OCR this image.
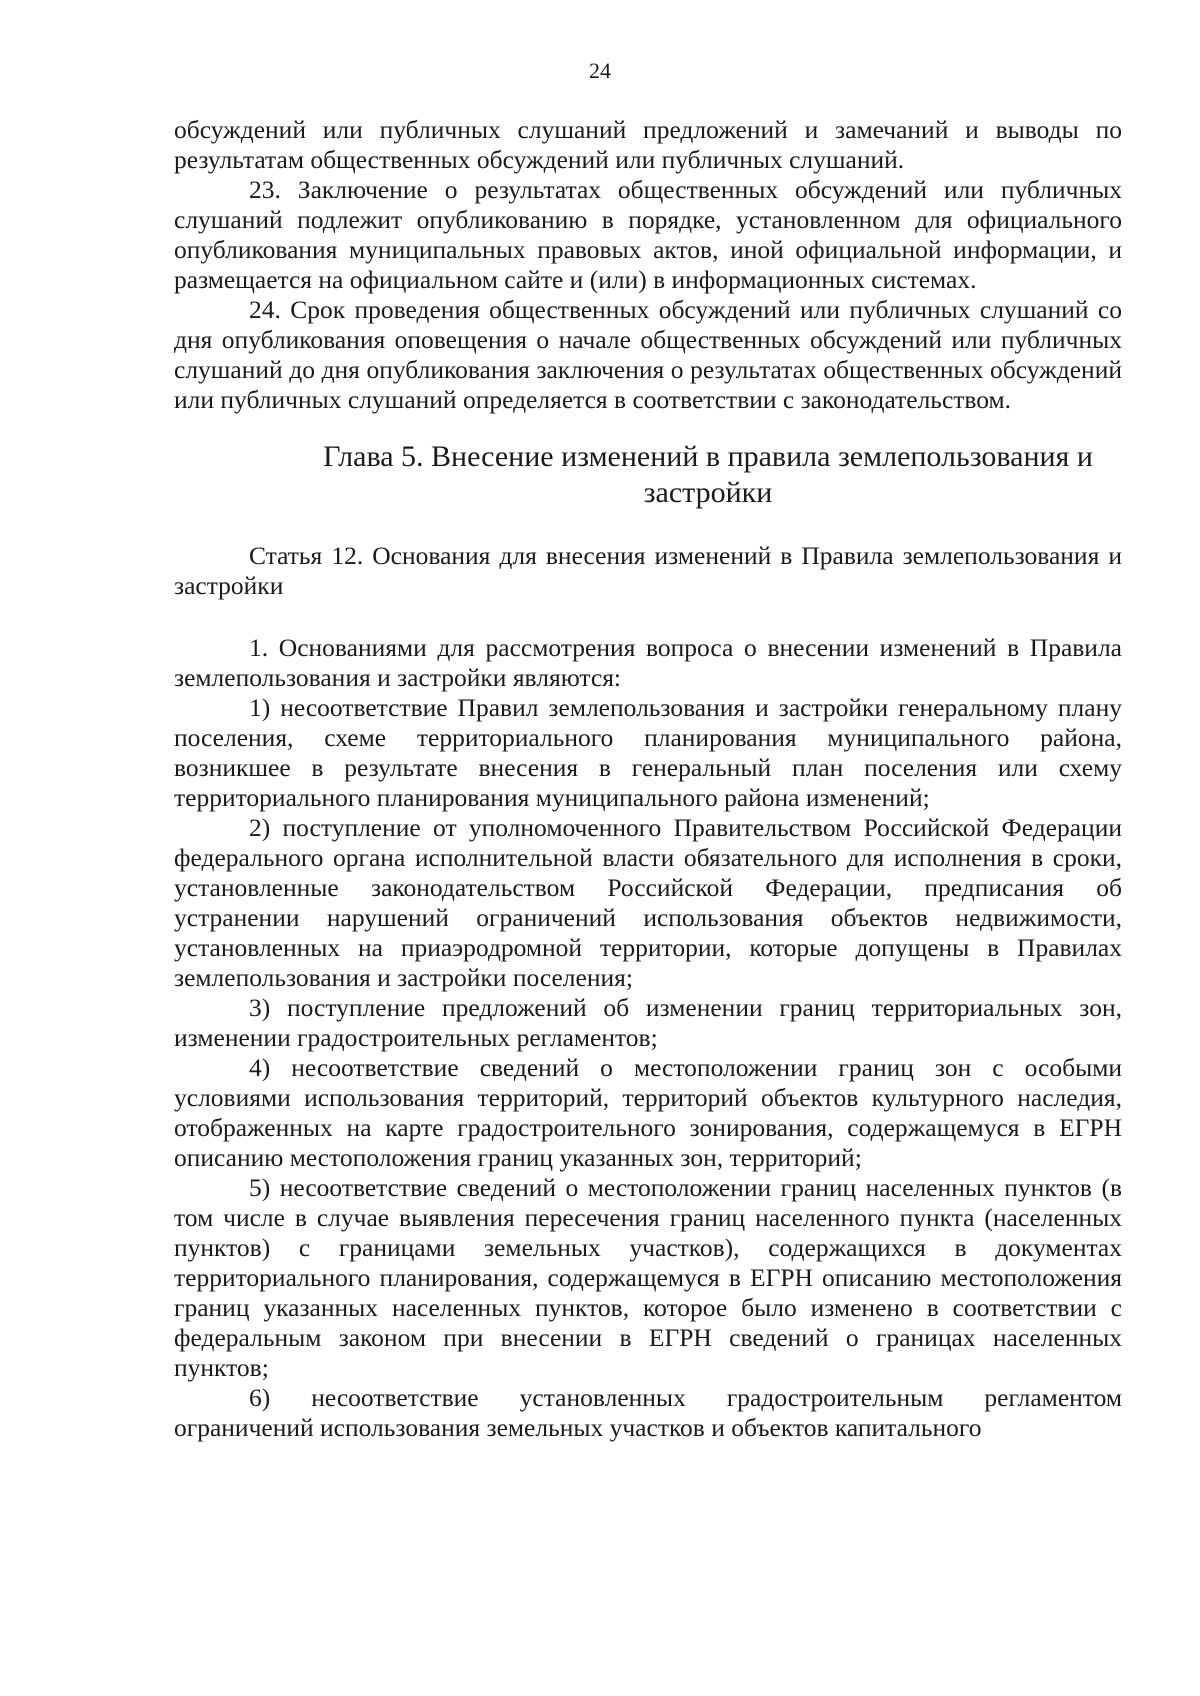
24

обсуждений или публичных слушаний предложений и замечаний и выводы по результатам общественных обсуждений или публичных слушаний.

23. Заключение о результатах общественных обсуждений или публичных слушаний подлежит опубликованию в порядке, установленном для официального опубликования муниципальных правовых актов, иной официальной информации, и размещается на официальном сайте и (или) в информационных системах.

24. Срок проведения общественных обсуждений или публичных слушаний со дня опубликования оповещения о начале общественных обсуждений или публичных слушаний до дня опубликования заключения о результатах общественных обсуждений или публичных слушаний определяется в соответствии с законодательством.

Глава 5. Внесение изменений в правила землепользования и застройки

Статья 12. Основания для внесения изменений в Правила землепользования и застройки

1. Основаниями для рассмотрения вопроса о внесении изменений в Правила землепользования и застройки являются:

1) несоответствие Правил землепользования и застройки генеральному плану поселения, схеме территориального планирования муниципального района, возникшее в результате внесения в генеральный план поселения или схему территориального планирования муниципального района изменений;

2) поступление от уполномоченного Правительством Российской Федерации федерального органа исполнительной власти обязательного для исполнения в сроки, установленные законодательством Российской Федерации, предписания об устранении нарушений ограничений использования объектов недвижимости, установленных на приаэродромной территории, которые допущены в Правилах землепользования и застройки поселения;

3) поступление предложений об изменении границ территориальных зон, изменении градостроительных регламентов;

4) несоответствие сведений о местоположении границ зон с особыми условиями использования территорий, территорий объектов культурного наследия, отображенных на карте градостроительного зонирования, содержащемуся в ЕГРН описанию местоположения границ указанных зон, территорий;

5) несоответствие сведений о местоположении границ населенных пунктов (в том числе в случае выявления пересечения границ населенного пункта (населенных пунктов) с границами земельных участков), содержащихся в документах территориального планирования, содержащемуся в ЕГРН описанию местоположения границ указанных населенных пунктов, которое было изменено в соответствии с федеральным законом при внесении в ЕГРН сведений о границах населенных пунктов;

6) несоответствие установленных градостроительным регламентом ограничений использования земельных участков и объектов капитального
